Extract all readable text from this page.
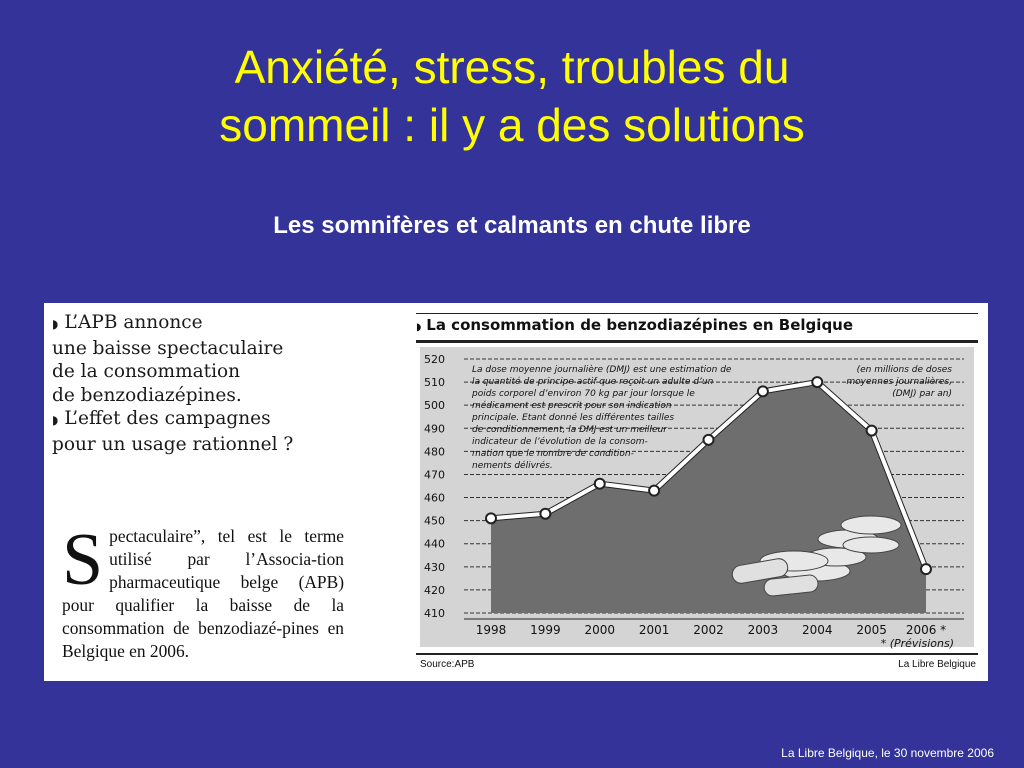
Anxiété, stress, troubles du
sommeil : il y a des solutions
Les somnifères et calmants en chute libre
◗ L’APB annonce
une baisse spectaculaire
de la consommation
de benzodiazépines.
◗ L’effet des campagnes
pour un usage rationnel ?
Spectaculaire”, tel est le terme utilisé par l’Associa-tion pharmaceutique belge (APB) pour qualifier la baisse de la consommation de benzodiazé-pines en Belgique en 2006.
◗ La consommation de benzodiazépines en Belgique
520
510
500
490
480
470
460
450
440
430
420
410
1998 1999 2000 2001 2002 2003 2004 2005 2006 *
* (Prévisions)
La dose moyenne journalière (DMJ) est une estimation de
la quantité de principe actif que reçoit un adulte d’un
poids corporel d’environ 70 kg par jour lorsque le
médicament est prescrit pour son indication
principale. Etant donné les différentes tailles
de conditionnement, la DMJ est un meilleur
indicateur de l’évolution de la consom-
mation que le nombre de condition-
nements délivrés.
(en millions de doses
moyennes journalières,
(DMJ) par an)
Source:APB	La Libre Belgique
La Libre Belgique, le 30 novembre 2006
